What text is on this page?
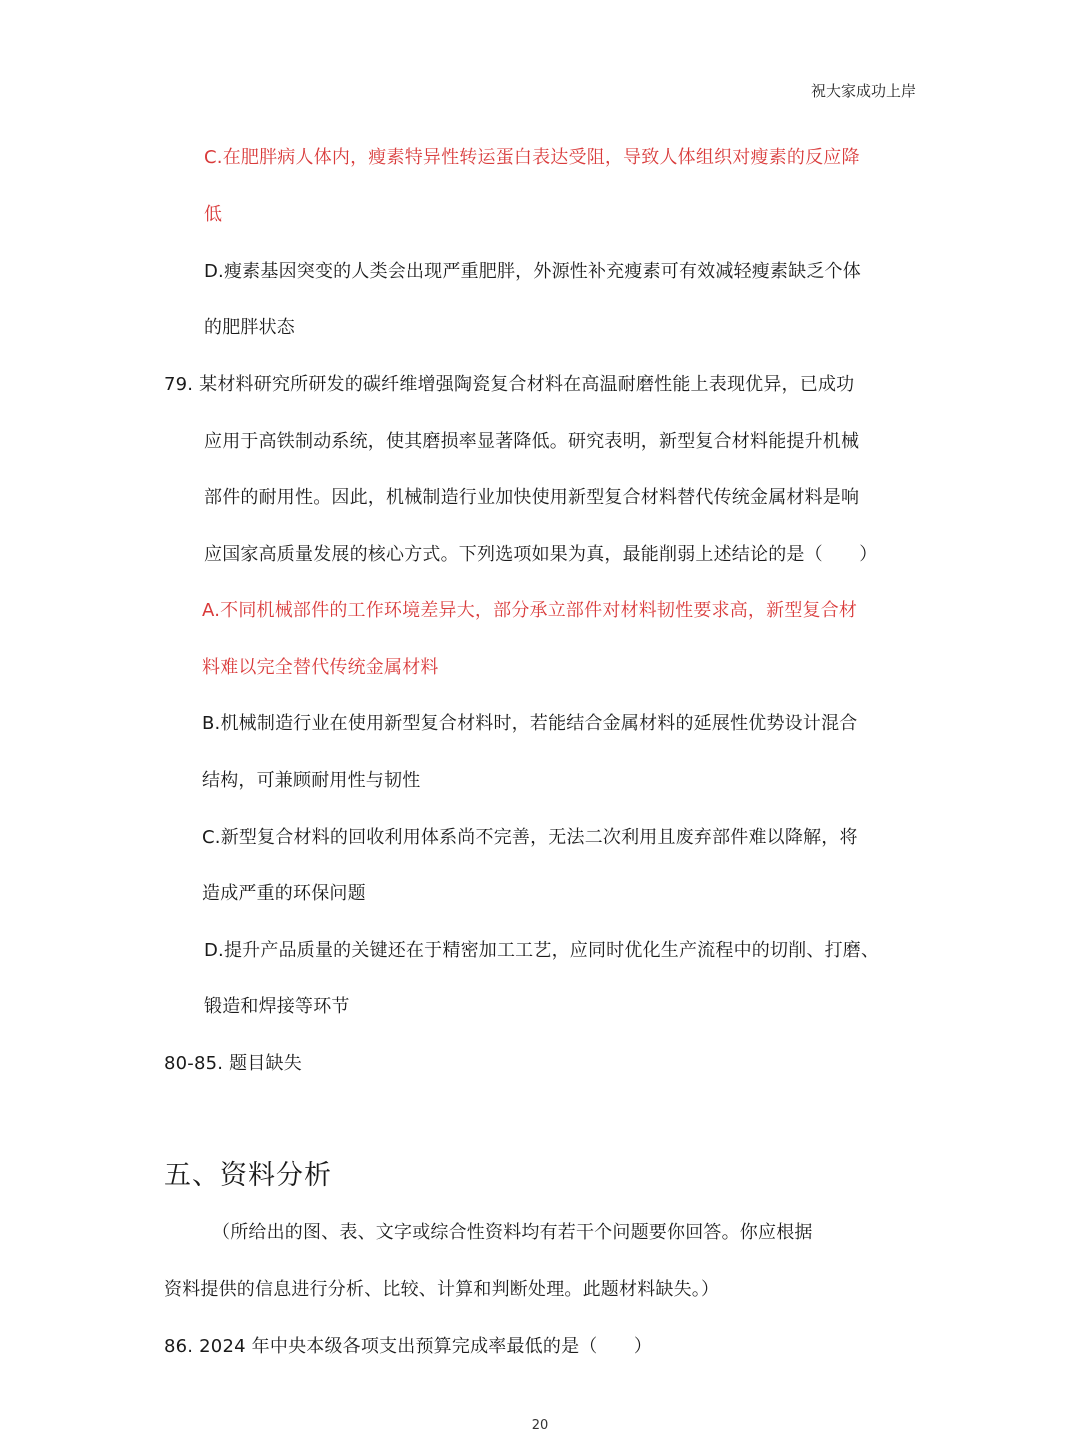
祝大家成功上岸
C.在肥胖病人体内，瘦素特异性转运蛋白表达受阻，导致人体组织对瘦素的反应降
低
D.瘦素基因突变的人类会出现严重肥胖，外源性补充瘦素可有效减轻瘦素缺乏个体
的肥胖状态
79. 某材料研究所研发的碳纤维增强陶瓷复合材料在高温耐磨性能上表现优异，已成功
应用于高铁制动系统，使其磨损率显著降低。研究表明，新型复合材料能提升机械
部件的耐用性。因此，机械制造行业加快使用新型复合材料替代传统金属材料是响
应国家高质量发展的核心方式。下列选项如果为真，最能削弱上述结论的是（　　）
A.不同机械部件的工作环境差异大，部分承立部件对材料韧性要求高，新型复合材
料难以完全替代传统金属材料
B.机械制造行业在使用新型复合材料时，若能结合金属材料的延展性优势设计混合
结构，可兼顾耐用性与韧性
C.新型复合材料的回收利用体系尚不完善，无法二次利用且废弃部件难以降解，将
造成严重的环保问题
D.提升产品质量的关键还在于精密加工工艺，应同时优化生产流程中的切削、打磨、
锻造和焊接等环节
80-85. 题目缺失
五、资料分析
（所给出的图、表、文字或综合性资料均有若干个问题要你回答。你应根据
资料提供的信息进行分析、比较、计算和判断处理。此题材料缺失。）
86. 2024 年中央本级各项支出预算完成率最低的是（　　）
20
